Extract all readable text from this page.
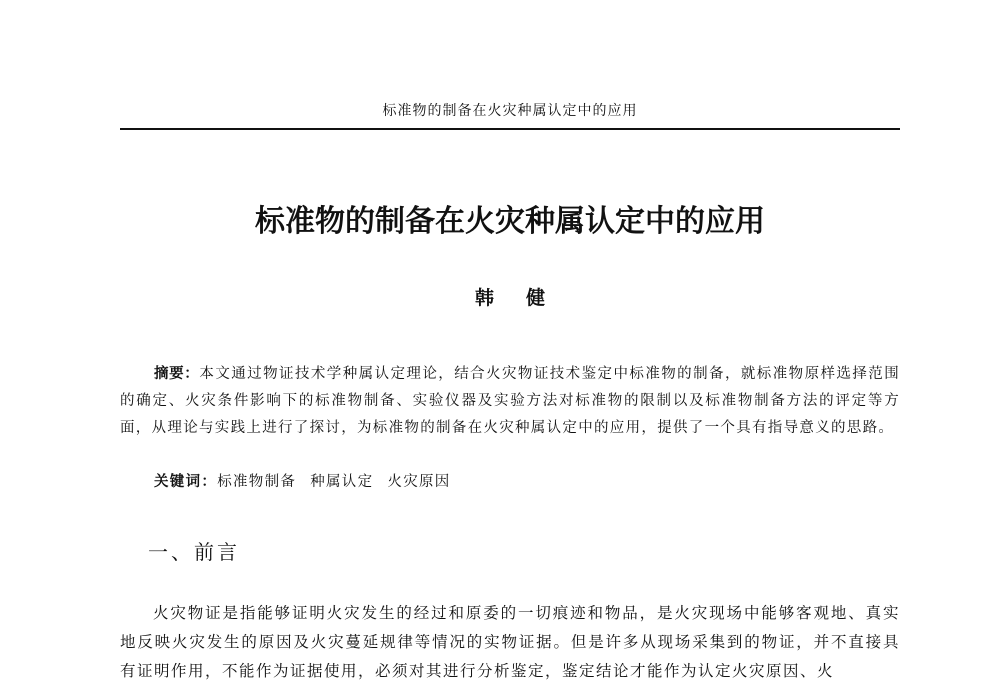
标准物的制备在火灾种属认定中的应用
标准物的制备在火灾种属认定中的应用
韩健

摘要：本文通过物证技术学种属认定理论，结合火灾物证技术鉴定中标准物的制备，就标准物原样选择范围的确定、火灾条件影响下的标准物制备、实验仪器及实验方法对标准物的限制以及标准物制备方法的评定等方面，从理论与实践上进行了探讨，为标准物的制备在火灾种属认定中的应用，提供了一个具有指导意义的思路。

关键词：标准物制备 种属认定 火灾原因
一、前言

火灾物证是指能够证明火灾发生的经过和原委的一切痕迹和物品，是火灾现场中能够客观地、真实地反映火灾发生的原因及火灾蔓延规律等情况的实物证据。但是许多从现场采集到的物证，并不直接具有证明作用，不能作为证据使用，必须对其进行分析鉴定，鉴定结论才能作为认定火灾原因、火
